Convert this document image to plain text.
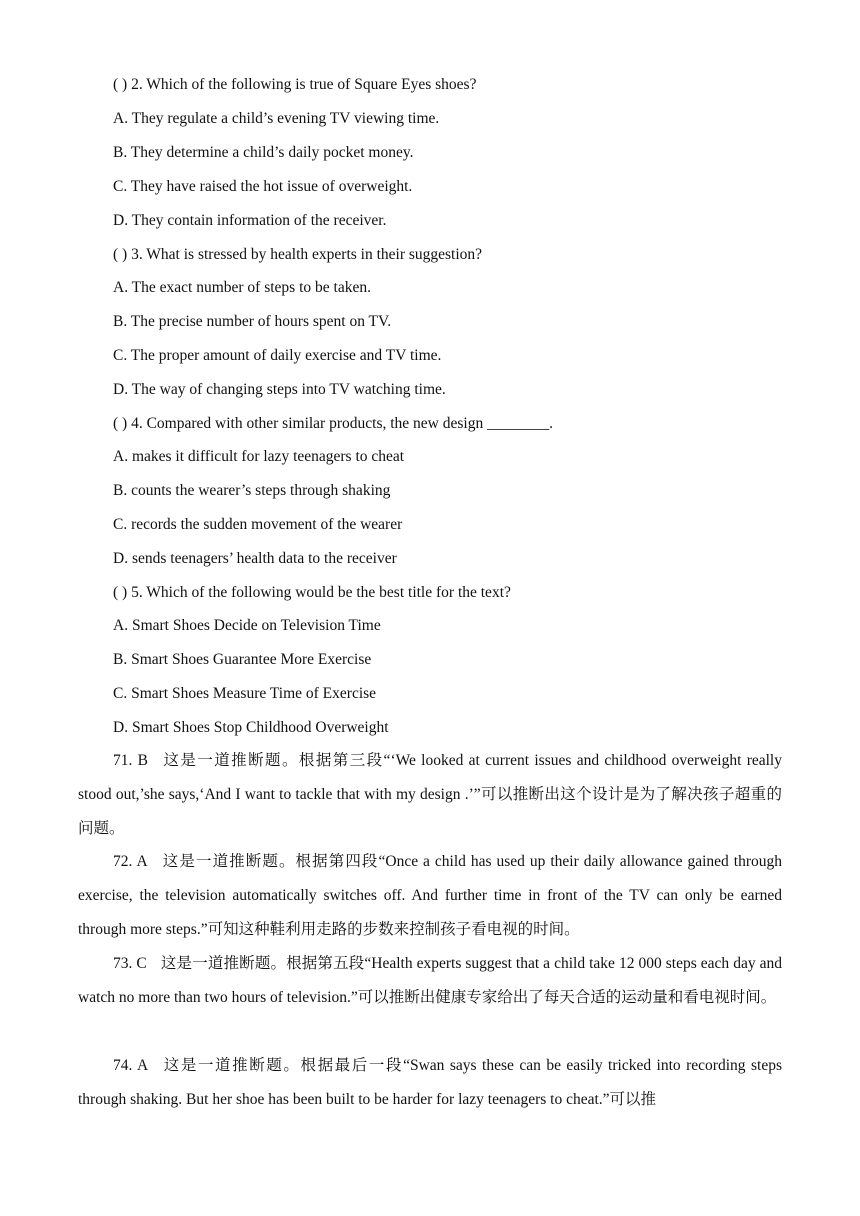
( ) 2. Which of the following is true of Square Eyes shoes?
A. They regulate a child’s evening TV viewing time.
B. They determine a child’s daily pocket money.
C. They have raised the hot issue of overweight.
D. They contain information of the receiver.
( ) 3. What is stressed by health experts in their suggestion?
A. The exact number of steps to be taken.
B. The precise number of hours spent on TV.
C. The proper amount of daily exercise and TV time.
D. The way of changing steps into TV watching time.
( ) 4. Compared with other similar products, the new design ________.
A. makes it difficult for lazy teenagers to cheat
B. counts the wearer’s steps through shaking
C. records the sudden movement of the wearer
D. sends teenagers’ health data to the receiver
( ) 5. Which of the following would be the best title for the text?
A. Smart Shoes Decide on Television Time
B. Smart Shoes Guarantee More Exercise
C. Smart Shoes Measure Time of Exercise
D. Smart Shoes Stop Childhood Overweight
71. B 这是一道推断题。根据第三段“‘We looked at current issues and childhood overweight really stood out,’she says,‘And I want to tackle that with my design .’”可以推断出这个设计是为了解决孩子超重的问题。
72. A 这是一道推断题。根据第四段“Once a child has used up their daily allowance gained through exercise, the television automatically switches off. And further time in front of the TV can only be earned through more steps.”可知这种鞋利用走路的步数来控制孩子看电视的时间。
73. C 这是一道推断题。根据第五段“Health experts suggest that a child take 12 000 steps each day and watch no more than two hours of television.”可以推断出健康专家给出了每天合适的运动量和看电视时间。
74. A 这是一道推断题。根据最后一段“Swan says these can be easily tricked into recording steps through shaking. But her shoe has been built to be harder for lazy teenagers to cheat.”可以推
